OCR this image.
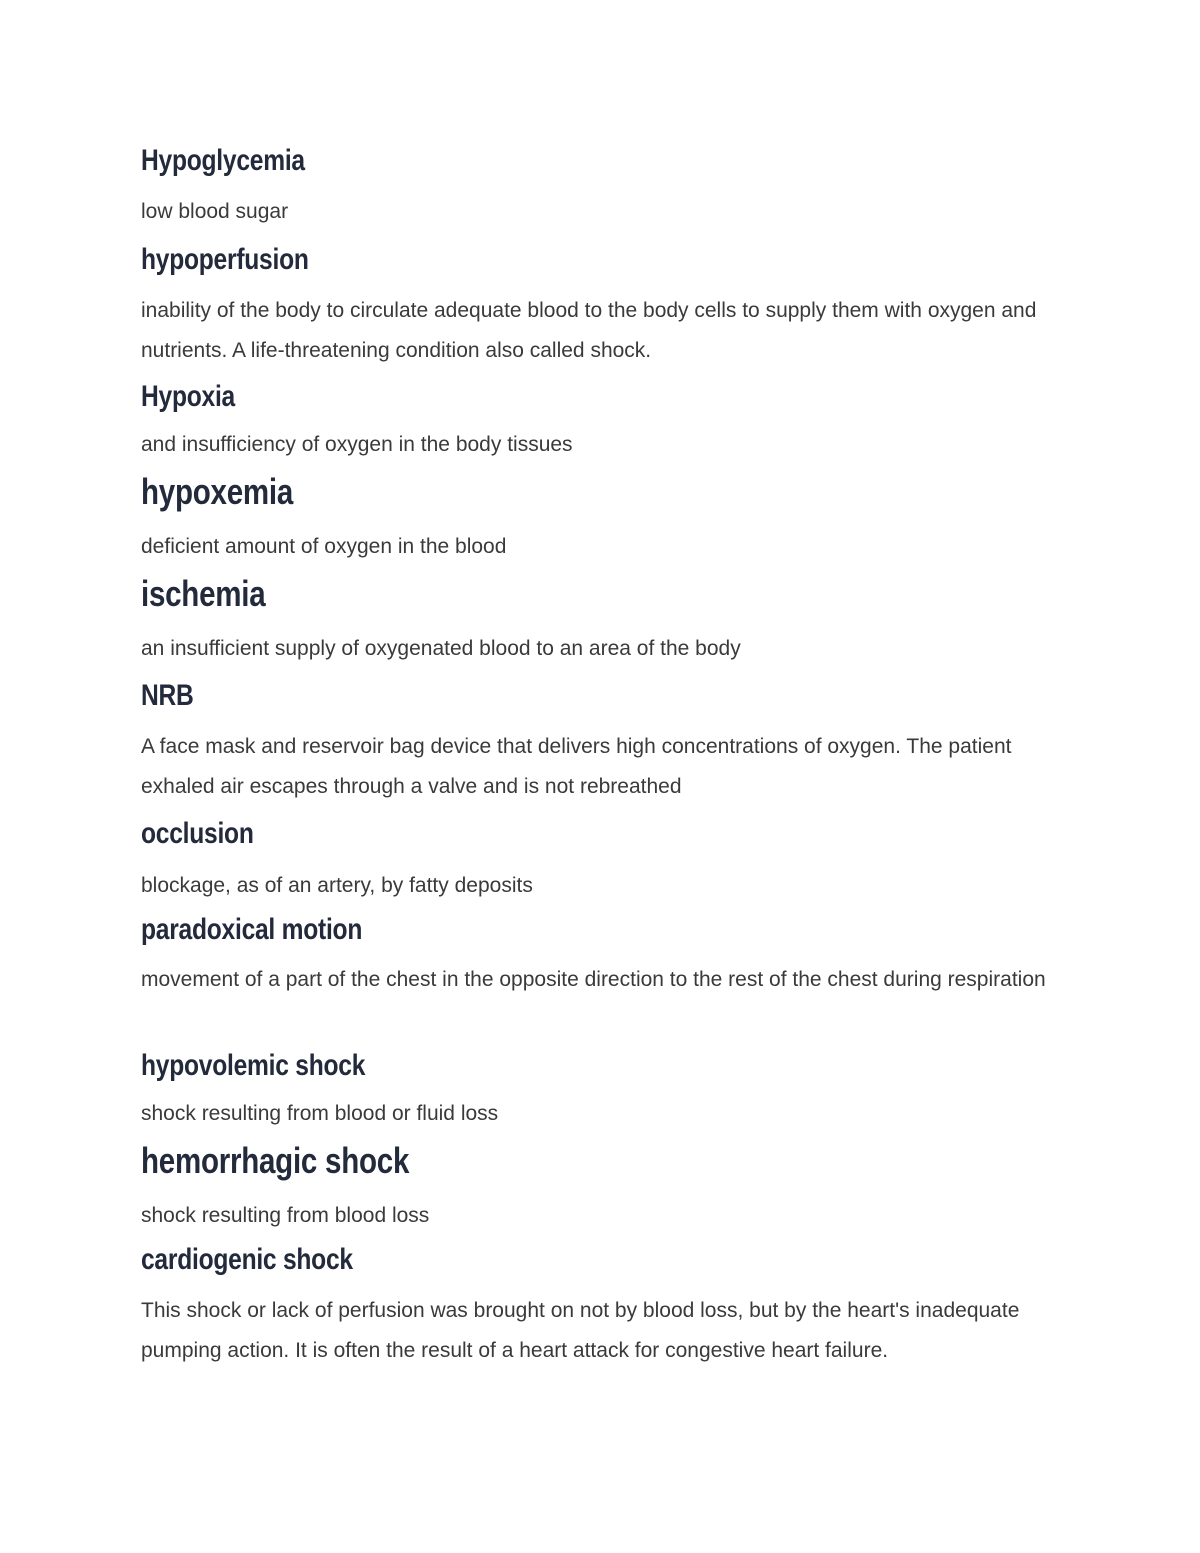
Hypoglycemia

low blood sugar

hypoperfusion

inability of the body to circulate adequate blood to the body cells to supply them with oxygen and nutrients. A life-threatening condition also called shock.

Hypoxia

and insufficiency of oxygen in the body tissues

hypoxemia

deficient amount of oxygen in the blood

ischemia

an insufficient supply of oxygenated blood to an area of the body

NRB

A face mask and reservoir bag device that delivers high concentrations of oxygen. The patient exhaled air escapes through a valve and is not rebreathed

occlusion

blockage, as of an artery, by fatty deposits

paradoxical motion

movement of a part of the chest in the opposite direction to the rest of the chest during respiration

hypovolemic shock

shock resulting from blood or fluid loss

hemorrhagic shock

shock resulting from blood loss

cardiogenic shock

This shock or lack of perfusion was brought on not by blood loss, but by the heart's inadequate pumping action. It is often the result of a heart attack for congestive heart failure.
